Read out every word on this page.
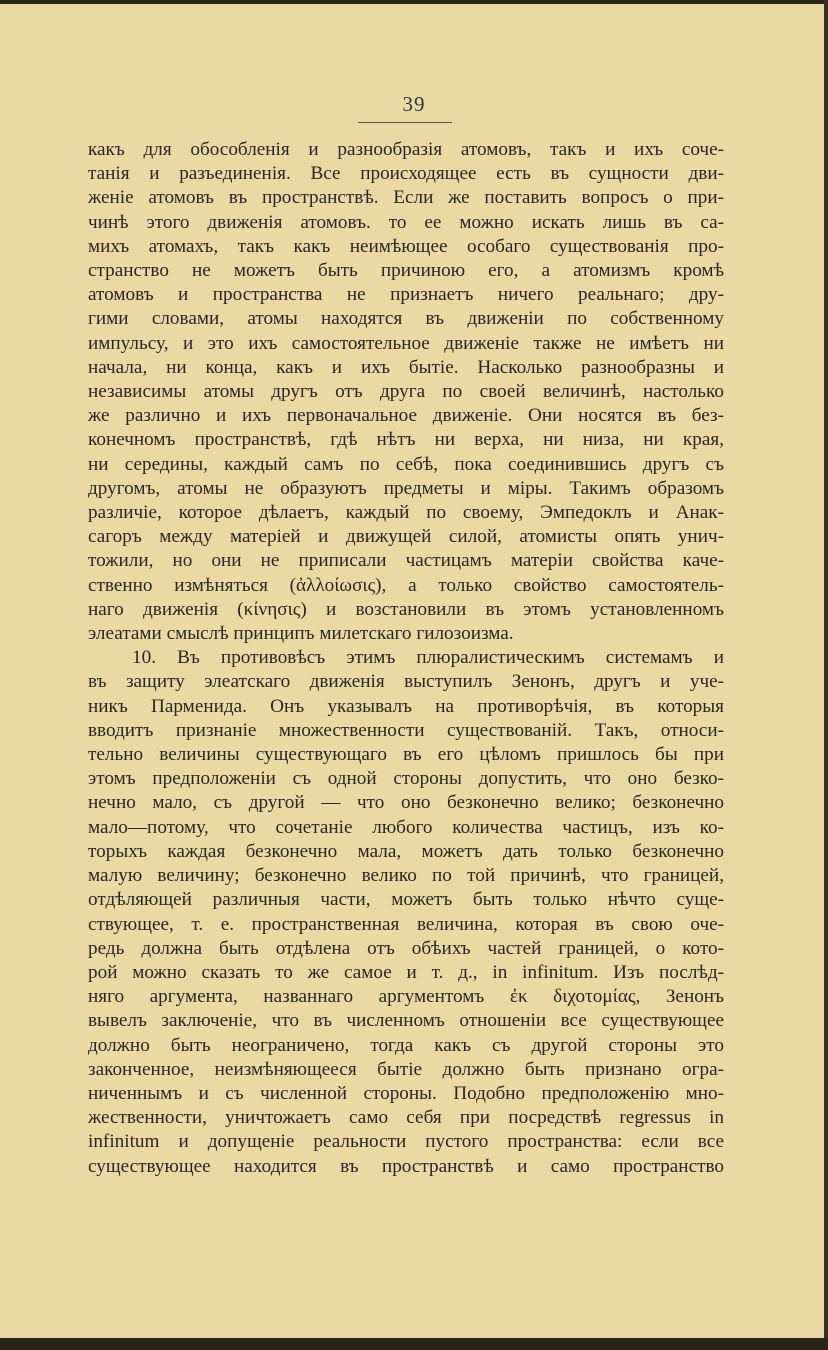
39
какъ для обособленія и разнообразія атомовъ, такъ и ихъ соче-
танія и разъединенія. Все происходящее есть въ сущности дви-
женіе атомовъ въ пространствѣ. Если же поставить вопросъ о при-
чинѣ этого движенія атомовъ. то ее можно искать лишь въ са-
михъ атомахъ, такъ какъ неимѣющее особаго существованія про-
странство не можетъ быть причиною его, а атомизмъ кромѣ
атомовъ и пространства не признаетъ ничего реальнаго; дру-
гими словами, атомы находятся въ движеніи по собственному
импульсу, и это ихъ самостоятельное движеніе также не имѣетъ ни
начала, ни конца, какъ и ихъ бытіе. Насколько разнообразны и
независимы атомы другъ отъ друга по своей величинѣ, настолько
же различно и ихъ первоначальное движеніе. Они носятся въ без-
конечномъ пространствѣ, гдѣ нѣтъ ни верха, ни низа, ни края,
ни середины, каждый самъ по себѣ, пока соединившись другъ съ
другомъ, атомы не образуютъ предметы и міры. Такимъ образомъ
различіе, которое дѣлаетъ, каждый по своему, Эмпедоклъ и Анак-
сагоръ между матеріей и движущей силой, атомисты опять унич-
тожили, но они не приписали частицамъ матеріи свойства каче-
ственно измѣняться (ἀλλοίωσις), а только свойство самостоятель-
наго движенія (κίνησις) и возстановили въ этомъ установленномъ
элеатами смыслѣ принципъ милетскаго гилозоизма.
10. Въ противовѣсъ этимъ плюралистическимъ системамъ и
въ защиту элеатскаго движенія выступилъ Зенонъ, другъ и уче-
никъ Парменида. Онъ указывалъ на противорѣчія, въ которыя
вводитъ признаніе множественности существованій. Такъ, относи-
тельно величины существующаго въ его цѣломъ пришлось бы при
этомъ предположеніи съ одной стороны допустить, что оно безко-
нечно мало, съ другой — что оно безконечно велико; безконечно
мало—потому, что сочетаніе любого количества частицъ, изъ ко-
торыхъ каждая безконечно мала, можетъ дать только безконечно
малую величину; безконечно велико по той причинѣ, что границей,
отдѣляющей различныя части, можетъ быть только нѣчто суще-
ствующее, т. е. пространственная величина, которая въ свою оче-
редь должна быть отдѣлена отъ обѣихъ частей границей, о кото-
рой можно сказать то же самое и т. д., in infinitum. Изъ послѣд-
няго аргумента, названнаго аргументомъ ἐκ διχοτομίας, Зенонъ
вывелъ заключеніе, что въ численномъ отношеніи все существующее
должно быть неограничено, тогда какъ съ другой стороны это
законченное, неизмѣняющееся бытіе должно быть признано огра-
ниченнымъ и съ численной стороны. Подобно предположенію мно-
жественности, уничтожаетъ само себя при посредствѣ regressus in
infinitum и допущеніе реальности пустого пространства: если все
существующее находится въ пространствѣ и само пространство
